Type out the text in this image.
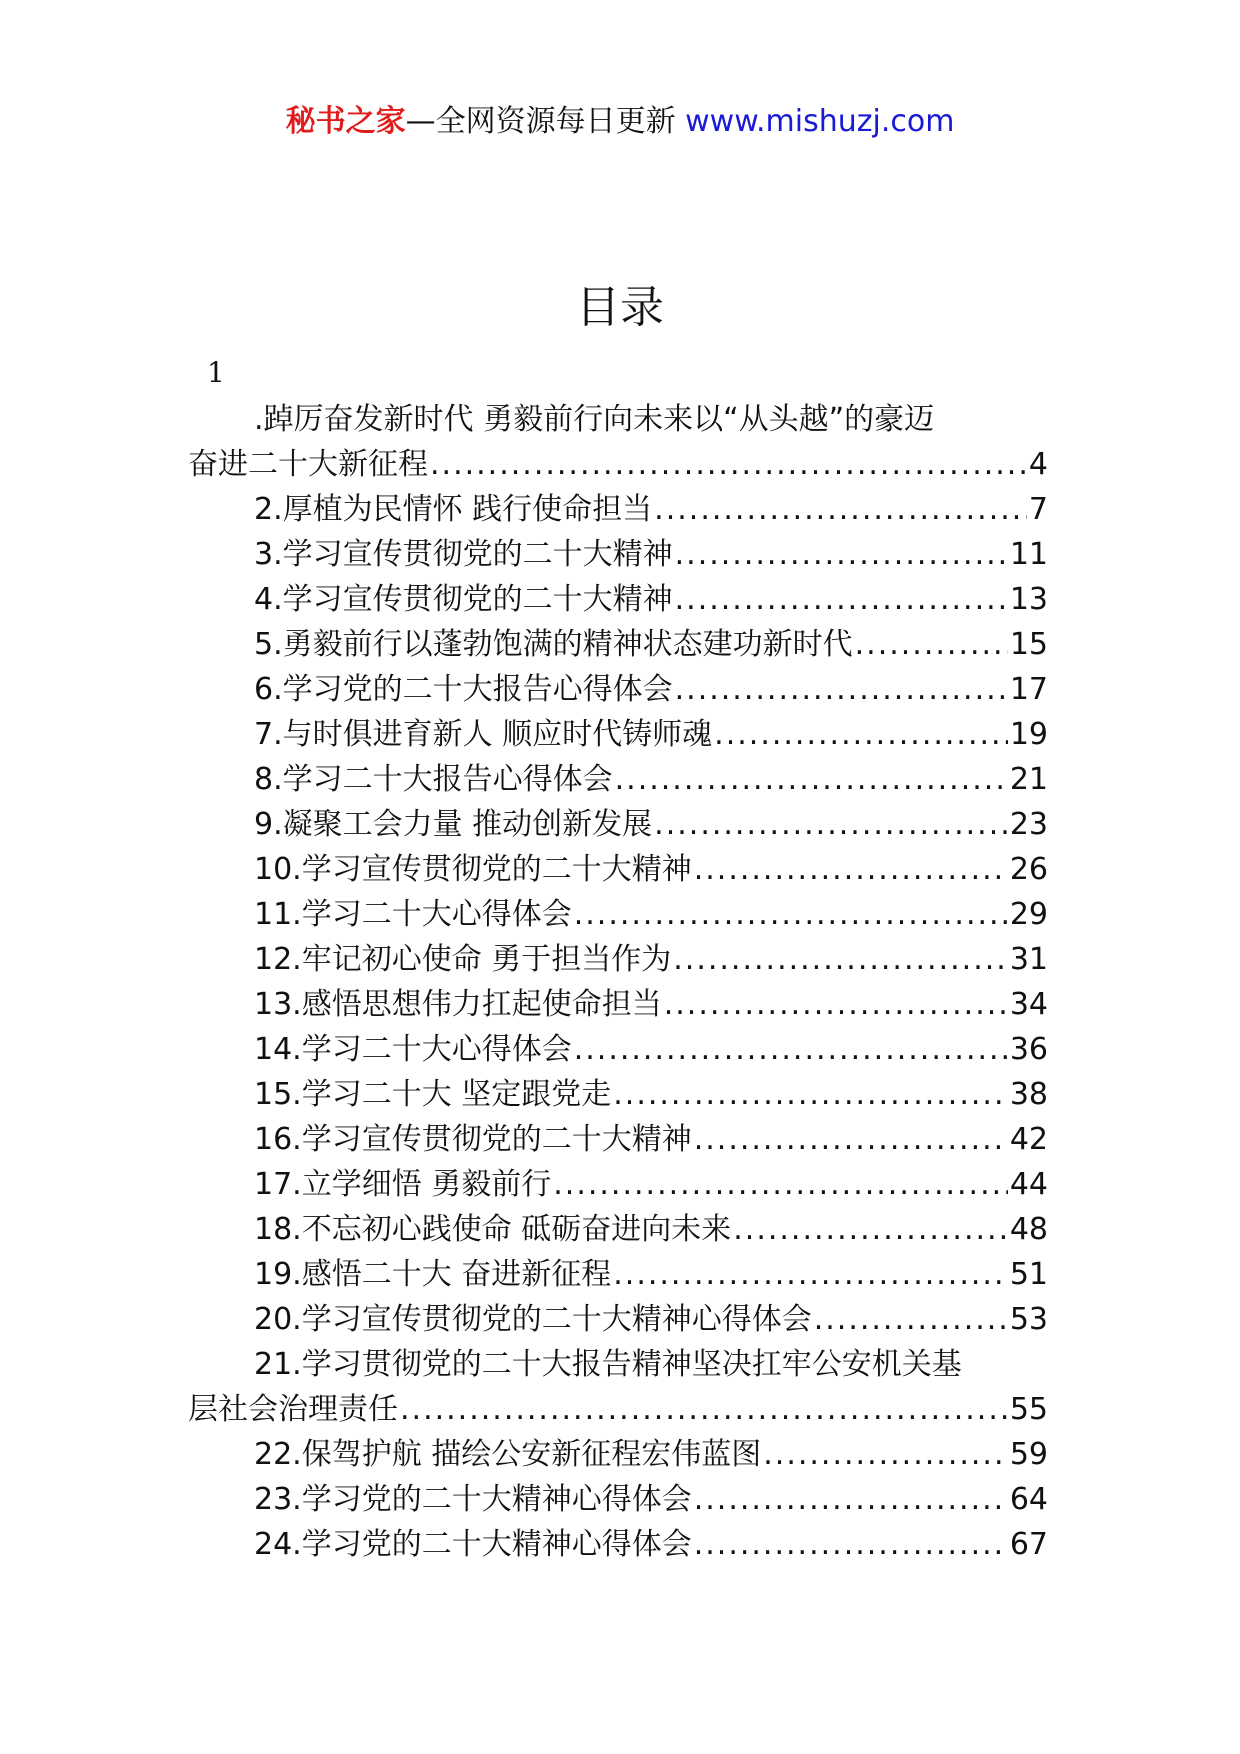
秘书之家—全网资源每日更新 www.mishuzj.com
目录
1
.踔厉奋发新时代 勇毅前行向未来以“从头越”的豪迈
奋进二十大新征程 .....	4
2.厚植为民情怀 践行使命担当 .....	7
3.学习宣传贯彻党的二十大精神 .....	11
4.学习宣传贯彻党的二十大精神 .....	13
5.勇毅前行以蓬勃饱满的精神状态建功新时代 .....	15
6.学习党的二十大报告心得体会 .....	17
7.与时俱进育新人 顺应时代铸师魂 .....	19
8.学习二十大报告心得体会 .....	21
9.凝聚工会力量 推动创新发展 .....	23
10.学习宣传贯彻党的二十大精神 .....	26
11.学习二十大心得体会 .....	29
12.牢记初心使命 勇于担当作为 .....	31
13.感悟思想伟力扛起使命担当 .....	34
14.学习二十大心得体会 .....	36
15.学习二十大 坚定跟党走 .....	38
16.学习宣传贯彻党的二十大精神 .....	42
17.立学细悟 勇毅前行 .....	44
18.不忘初心践使命 砥砺奋进向未来 .....	48
19.感悟二十大 奋进新征程 .....	51
20.学习宣传贯彻党的二十大精神心得体会 .....	53
21.学习贯彻党的二十大报告精神坚决扛牢公安机关基
层社会治理责任 .....	55
22.保驾护航 描绘公安新征程宏伟蓝图 .....	59
23.学习党的二十大精神心得体会 .....	64
24.学习党的二十大精神心得体会 .....	67
